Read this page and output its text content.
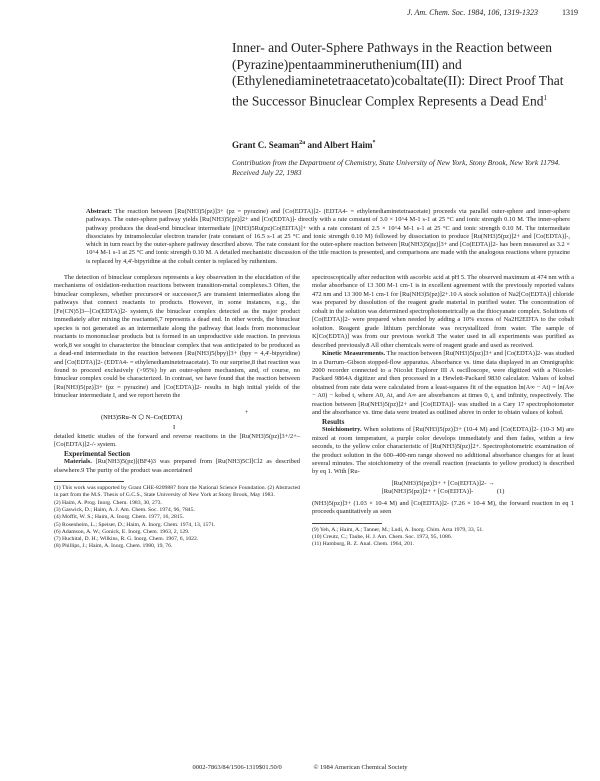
J. Am. Chem. Soc. 1984, 106, 1319-1323	1319
Inner- and Outer-Sphere Pathways in the Reaction between (Pyrazine)pentaammineruthenium(III) and (Ethylenediaminetetraacetato)cobaltate(II): Direct Proof That the Successor Binuclear Complex Represents a Dead End$^1$
Grant C. Seaman$^{2a}$ and Albert Haim*
Contribution from the Department of Chemistry, State University of New York, Stony Brook, New York 11794. Received July 22, 1983
Abstract: The reaction between [Ru(NH3)5(pz)]3+ (pz = pyrazine) and [Co(EDTA)]2- (EDTA4- = ethylenediaminetetraacetate) proceeds via parallel outer-sphere and inner-sphere pathways. The outer-sphere pathway yields [Ru(NH3)5(pz)]2+ and [Co(EDTA)]- directly with a rate constant of 3.0 × 10^4 M-1 s-1 at 25 °C and ionic strength 0.10 M. The inner-sphere pathway produces the dead-end binuclear intermediate [(NH3)5Ru(pz)Co(EDTA)]+ with a rate constant of 2.5 × 10^4 M-1 s-1 at 25 °C and ionic strength 0.10 M. The intermediate dissociates by intramolecular electron transfer (rate constant of 16.5 s-1 at 25 °C and ionic strength 0.10 M) followed by dissociation to produce [Ru(NH3)5(pz)]2+ and [Co(EDTA)]-, which in turn react by the outer-sphere pathway described above. The rate constant for the outer-sphere reaction between [Ru(NH3)5(pz)]3+ and [Co(EDTA)]2- has been measured as 3.2 × 10^4 M-1 s-1 at 25 °C and ionic strength 0.10 M. A detailed mechanistic discussion of the title reaction is presented, and comparisons are made with the analogous reactions where pyrazine is replaced by 4,4'-bipyridine at the cobalt center is replaced by ruthenium.

The detection of binuclear complexes represents a key observation in the elucidation of the mechanisms of oxidation-reduction reactions between transition-metal complexes.3 Often, the binuclear complexes, whether precursor4 or successor,5 are transient intermediates along the pathways that connect reactants to products. However, in some instances, e.g., the [Fe(CN)5]3-–[Co(EDTA)]2- system,6 the binuclear complex detected as the major product immediately after mixing the reactants6,7 represents a dead end. In other words, the binuclear species is not generated as an intermediate along the pathway that leads from mononuclear reactants to mononuclear products but is formed in an unproductive side reaction. In previous work,8 we sought to characterize the binuclear complex that was anticipated to be produced as a dead-end intermediate in the reaction between [Ru(NH3)5(bpy)]3+ (bpy = 4,4'-bipyridine) and [Co(EDTA)]2- (EDTA4- = ethylenediaminetetraacetate). To our surprise,8 that reaction was found to proceed exclusively (>95%) by an outer-sphere mechanism, and, of course, no binuclear complex could be characterized. In contrast, we have found that the reaction between [Ru(NH3)5(pz)]3+ (pz = pyrazine) and [Co(EDTA)]2- results in high initial yields of the binuclear intermediate I, and we report herein the

(NH3)5Ru–N ⬡ N–Co(EDTA)
+
I

detailed kinetic studies of the forward and reverse reactions in the [Ru(NH3)5(pz)]3+/2+–[Co(EDTA)]2-/- system.

Experimental Section

Materials. [Ru(NH3)5(pz)](BF4)3 was prepared from [Ru(NH3)5Cl]Cl2 as described elsewhere.9 The purity of the product was ascertained

(1) This work was supported by Grant CHE-8209887 from the National Science Foundation. (2) Abstracted in part from the M.S. Thesis of G.C.S., State University of New York at Stony Brook, May 1983.

(2) Haim, A. Prog. Inorg. Chem. 1983, 30, 273.

(3) Gaswick, D.; Haim, A. J. Am. Chem. Soc. 1974, 96, 7845.

(4) Moffit, W. S.; Haim, A. Inorg. Chem. 1977, 16, 2815.

(5) Rosenheim, L.; Speiser, D.; Haim, A. Inorg. Chem. 1974, 13, 1571.

(6) Adamson, A. W.; Gonick, E. Inorg. Chem. 1963, 2, 129.

(7) Huchital, D. H.; Wilkins, R. G. Inorg. Chem. 1967, 6, 1022.

(8) Phillips, J.; Haim, A. Inorg. Chem. 1980, 19, 76.

spectroscopically after reduction with ascorbic acid at pH 5. The observed maximum at 474 nm with a molar absorbance of 13 300 M-1 cm-1 is in excellent agreement with the previously reported values 472 nm and 13 300 M-1 cm-1 for [Ru(NH3)5(pz)]2+.10 A stock solution of Na2[Co(EDTA)] chloride was prepared by dissolution of the reagent grade material in purified water. The concentration of cobalt in the solution was determined spectrophotometrically as the thiocyanate complex. Solutions of [Co(EDTA)]2- were prepared when needed by adding a 10% excess of Na2H2EDTA to the cobalt solution. Reagent grade lithium perchlorate was recrystallized from water. The sample of K[Co(EDTA)] was from our previous work.8 The water used in all experiments was purified as described previously.8 All other chemicals were of reagent grade and used as received.

Kinetic Measurements. The reaction between [Ru(NH3)5(pz)]3+ and [Co(EDTA)]2- was studied in a Durrum–Gibson stopped-flow apparatus. Absorbance vs. time data displayed in an Omnigraphic 2000 recorder connected to a Nicolet Explorer III A oscilloscope, were digitized with a Nicolet-Packard 9864A digitizer and then processed in a Hewlett-Packard 9830 calculator. Values of kobsd obtained from rate data were calculated from a least-squares fit of the equation ln(A∞ − At) = ln(A∞ − A0) − kobsd t, where A0, At, and A∞ are absorbances at times 0, t, and infinity, respectively. The reaction between [Ru(NH3)5(pz)]2+ and [Co(EDTA)]- was studied in a Cary 17 spectrophotometer and the absorbance vs. time data were treated as outlined above in order to obtain values of kobsd.

Results

Stoichiometry. When solutions of [Ru(NH3)5(pz)]3+ (10-4 M) and [Co(EDTA)]2- (10-3 M) are mixed at room temperature, a purple color develops immediately and then fades, within a few seconds, to the yellow color characteristic of [Ru(NH3)5(pz)]2+. Spectrophotometric examination of the product solution in the 600–400-nm range showed no additional absorbance changes for at least several minutes. The stoichiometry of the overall reaction (reactants to yellow product) is described by eq 1. With [Ru-

[Ru(NH3)5(pz)]3+ + [Co(EDTA)]2- →
[Ru(NH3)5(pz)]2+ + [Co(EDTA)]-	(1)

(NH3)5(pz)]3+ (1.03 × 10-4 M) and [Co(EDTA)]2- (7.26 × 10-4 M), the forward reaction in eq 1 proceeds quantitatively as seen

(9) Yeh, A.; Haim, A.; Tanner, M.; Ludi, A. Inorg. Chim. Acta 1979, 33, 51.

(10) Creutz, C.; Taube, H. J. Am. Chem. Soc. 1973, 95, 1086.

(11) Hamburg, R. Z. Anal. Chem. 1964, 201.

0002-7863/84/1506-1319$01.50/0	© 1984 American Chemical Society
